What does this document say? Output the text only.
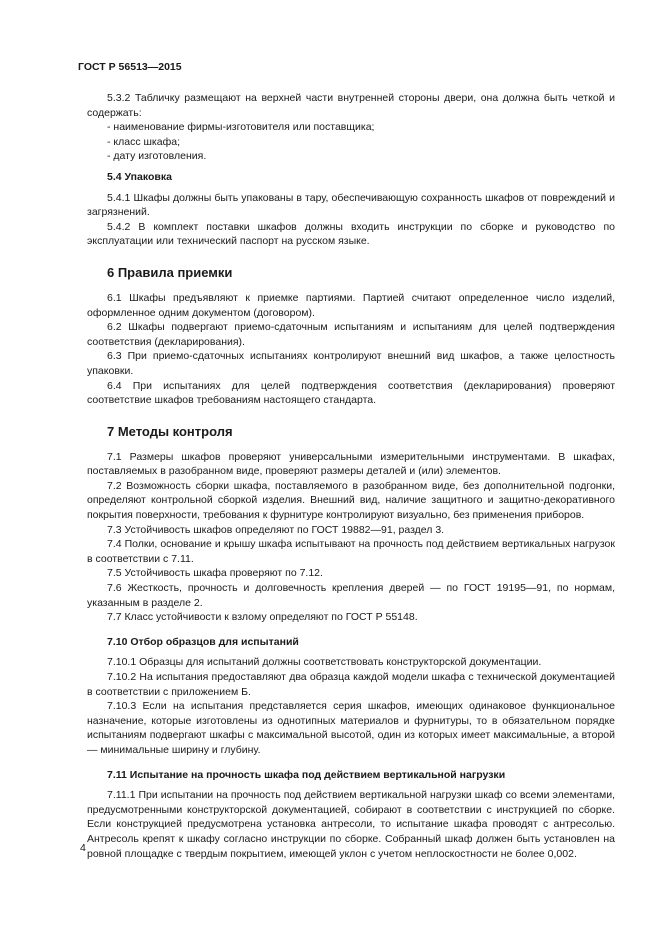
ГОСТ Р 56513—2015

5.3.2 Табличку размещают на верхней части внутренней стороны двери, она должна быть четкой и содержать:

- наименование фирмы-изготовителя или поставщика;

- класс шкафа;

- дату изготовления.

5.4 Упаковка

5.4.1 Шкафы должны быть упакованы в тару, обеспечивающую сохранность шкафов от повреждений и загрязнений.

5.4.2 В комплект поставки шкафов должны входить инструкции по сборке и руководство по эксплуатации или технический паспорт на русском языке.

6 Правила приемки

6.1 Шкафы предъявляют к приемке партиями. Партией считают определенное число изделий, оформленное одним документом (договором).

6.2 Шкафы подвергают приемо-сдаточным испытаниям и испытаниям для целей подтверждения соответствия (декларирования).

6.3 При приемо-сдаточных испытаниях контролируют внешний вид шкафов, а также целостность упаковки.

6.4 При испытаниях для целей подтверждения соответствия (декларирования) проверяют соответствие шкафов требованиям настоящего стандарта.

7 Методы контроля

7.1 Размеры шкафов проверяют универсальными измерительными инструментами. В шкафах, поставляемых в разобранном виде, проверяют размеры деталей и (или) элементов.

7.2 Возможность сборки шкафа, поставляемого в разобранном виде, без дополнительной подгонки, определяют контрольной сборкой изделия. Внешний вид, наличие защитного и защитно-декоративного покрытия поверхности, требования к фурнитуре контролируют визуально, без применения приборов.

7.3 Устойчивость шкафов определяют по ГОСТ 19882—91, раздел 3.

7.4 Полки, основание и крышу шкафа испытывают на прочность под действием вертикальных нагрузок в соответствии с 7.11.

7.5 Устойчивость шкафа проверяют по 7.12.

7.6 Жесткость, прочность и долговечность крепления дверей — по ГОСТ 19195—91, по нормам, указанным в разделе 2.

7.7 Класс устойчивости к взлому определяют по ГОСТ Р 55148.

7.10 Отбор образцов для испытаний

7.10.1 Образцы для испытаний должны соответствовать конструкторской документации.

7.10.2 На испытания предоставляют два образца каждой модели шкафа с технической документацией в соответствии с приложением Б.

7.10.3 Если на испытания представляется серия шкафов, имеющих одинаковое функциональное назначение, которые изготовлены из однотипных материалов и фурнитуры, то в обязательном порядке испытаниям подвергают шкафы с максимальной высотой, один из которых имеет максимальные, а второй — минимальные ширину и глубину.

7.11 Испытание на прочность шкафа под действием вертикальной нагрузки

7.11.1 При испытании на прочность под действием вертикальной нагрузки шкаф со всеми элементами, предусмотренными конструкторской документацией, собирают в соответствии с инструкцией по сборке. Если конструкцией предусмотрена установка антресоли, то испытание шкафа проводят с антресолью. Антресоль крепят к шкафу согласно инструкции по сборке. Собранный шкаф должен быть установлен на ровной площадке с твердым покрытием, имеющей уклон с учетом неплоскостности не более 0,002.

4
